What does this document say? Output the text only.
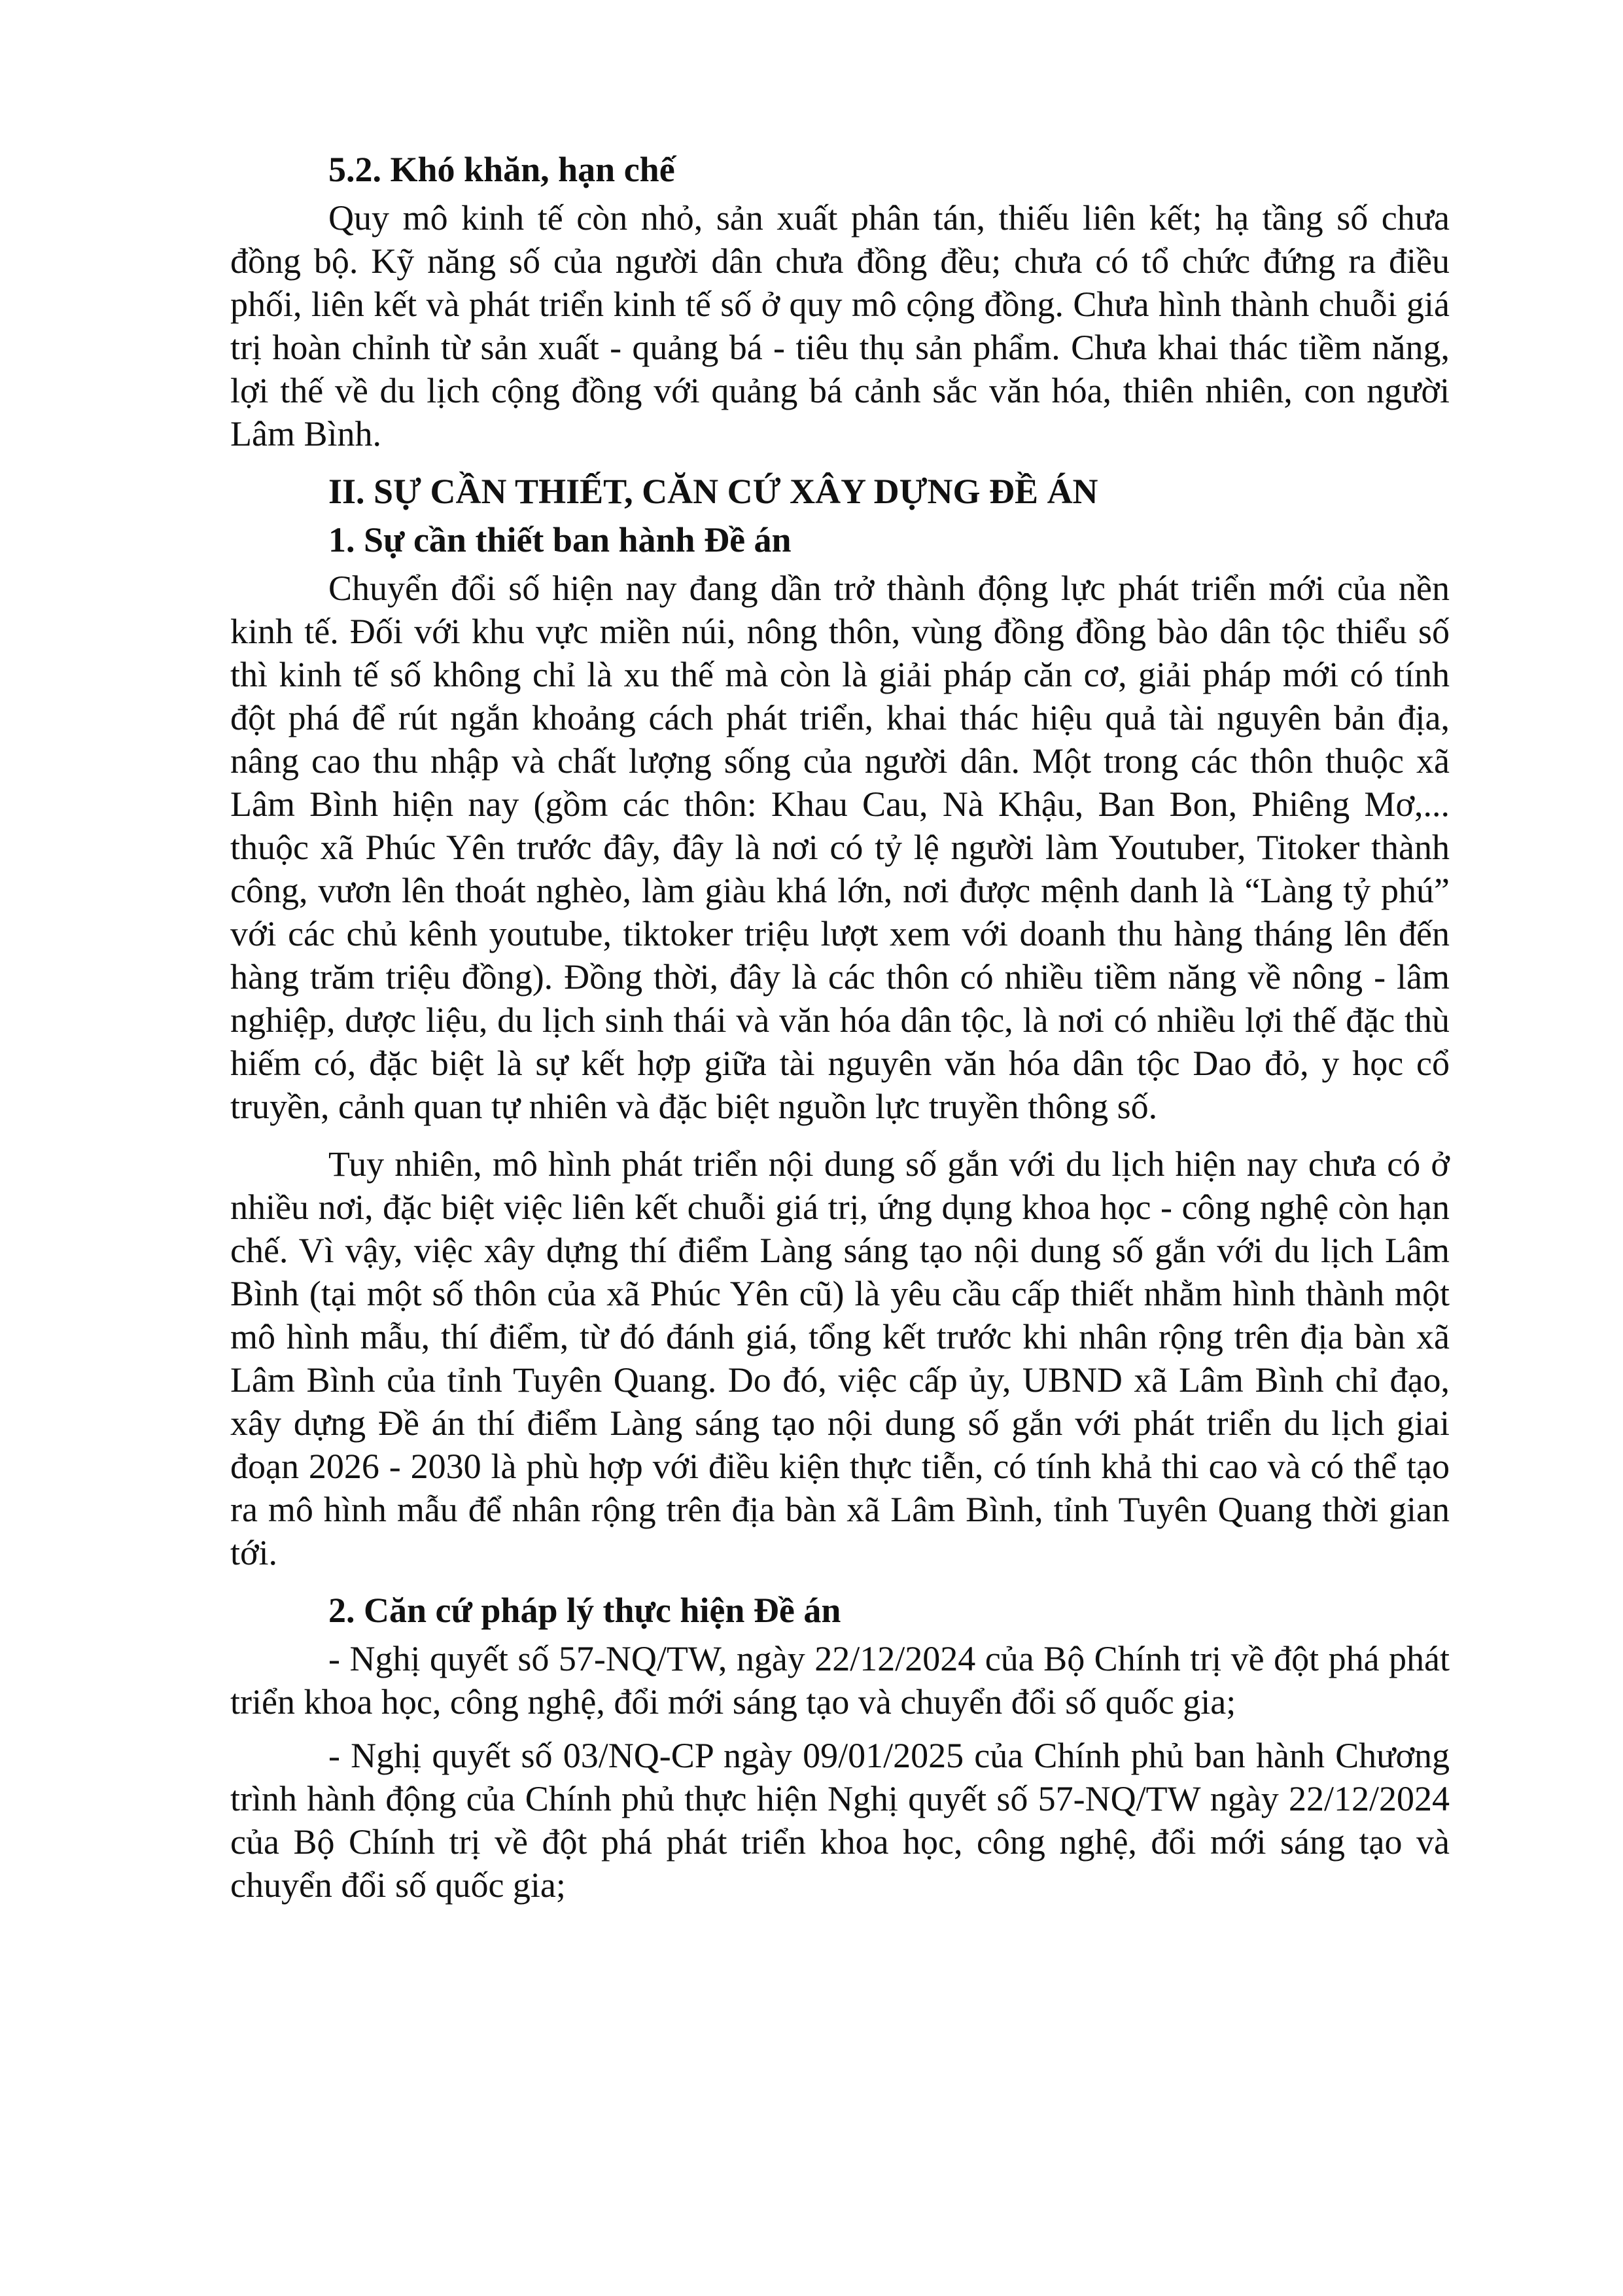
5.2. Khó khăn, hạn chế
Quy mô kinh tế còn nhỏ, sản xuất phân tán, thiếu liên kết; hạ tầng số chưa đồng bộ. Kỹ năng số của người dân chưa đồng đều; chưa có tổ chức đứng ra điều phối, liên kết và phát triển kinh tế số ở quy mô cộng đồng. Chưa hình thành chuỗi giá trị hoàn chỉnh từ sản xuất - quảng bá - tiêu thụ sản phẩm. Chưa khai thác tiềm năng, lợi thế về du lịch cộng đồng với quảng bá cảnh sắc văn hóa, thiên nhiên, con người Lâm Bình.
II. SỰ CẦN THIẾT, CĂN CỨ XÂY DỰNG ĐỀ ÁN
1. Sự cần thiết ban hành Đề án
Chuyển đổi số hiện nay đang dần trở thành động lực phát triển mới của nền kinh tế. Đối với khu vực miền núi, nông thôn, vùng đồng đồng bào dân tộc thiểu số thì kinh tế số không chỉ là xu thế mà còn là giải pháp căn cơ, giải pháp mới có tính đột phá để rút ngắn khoảng cách phát triển, khai thác hiệu quả tài nguyên bản địa, nâng cao thu nhập và chất lượng sống của người dân. Một trong các thôn thuộc xã Lâm Bình hiện nay (gồm các thôn: Khau Cau, Nà Khậu, Ban Bon, Phiêng Mơ,... thuộc xã Phúc Yên trước đây, đây là nơi có tỷ lệ người làm Youtuber, Titoker thành công, vươn lên thoát nghèo, làm giàu khá lớn, nơi được mệnh danh là “Làng tỷ phú” với các chủ kênh youtube, tiktoker triệu lượt xem với doanh thu hàng tháng lên đến hàng trăm triệu đồng). Đồng thời, đây là các thôn có nhiều tiềm năng về nông - lâm nghiệp, dược liệu, du lịch sinh thái và văn hóa dân tộc, là nơi có nhiều lợi thế đặc thù hiếm có, đặc biệt là sự kết hợp giữa tài nguyên văn hóa dân tộc Dao đỏ, y học cổ truyền, cảnh quan tự nhiên và đặc biệt nguồn lực truyền thông số.
Tuy nhiên, mô hình phát triển nội dung số gắn với du lịch hiện nay chưa có ở nhiều nơi, đặc biệt việc liên kết chuỗi giá trị, ứng dụng khoa học - công nghệ còn hạn chế. Vì vậy, việc xây dựng thí điểm Làng sáng tạo nội dung số gắn với du lịch Lâm Bình (tại một số thôn của xã Phúc Yên cũ) là yêu cầu cấp thiết nhằm hình thành một mô hình mẫu, thí điểm, từ đó đánh giá, tổng kết trước khi nhân rộng trên địa bàn xã Lâm Bình của tỉnh Tuyên Quang. Do đó, việc cấp ủy, UBND xã Lâm Bình chỉ đạo, xây dựng Đề án thí điểm Làng sáng tạo nội dung số gắn với phát triển du lịch giai đoạn 2026 - 2030 là phù hợp với điều kiện thực tiễn, có tính khả thi cao và có thể tạo ra mô hình mẫu để nhân rộng trên địa bàn xã Lâm Bình, tỉnh Tuyên Quang thời gian tới.
2. Căn cứ pháp lý thực hiện Đề án
- Nghị quyết số 57-NQ/TW, ngày 22/12/2024 của Bộ Chính trị về đột phá phát triển khoa học, công nghệ, đổi mới sáng tạo và chuyển đổi số quốc gia;
- Nghị quyết số 03/NQ-CP ngày 09/01/2025 của Chính phủ ban hành Chương trình hành động của Chính phủ thực hiện Nghị quyết số 57-NQ/TW ngày 22/12/2024 của Bộ Chính trị về đột phá phát triển khoa học, công nghệ, đổi mới sáng tạo và chuyển đổi số quốc gia;
